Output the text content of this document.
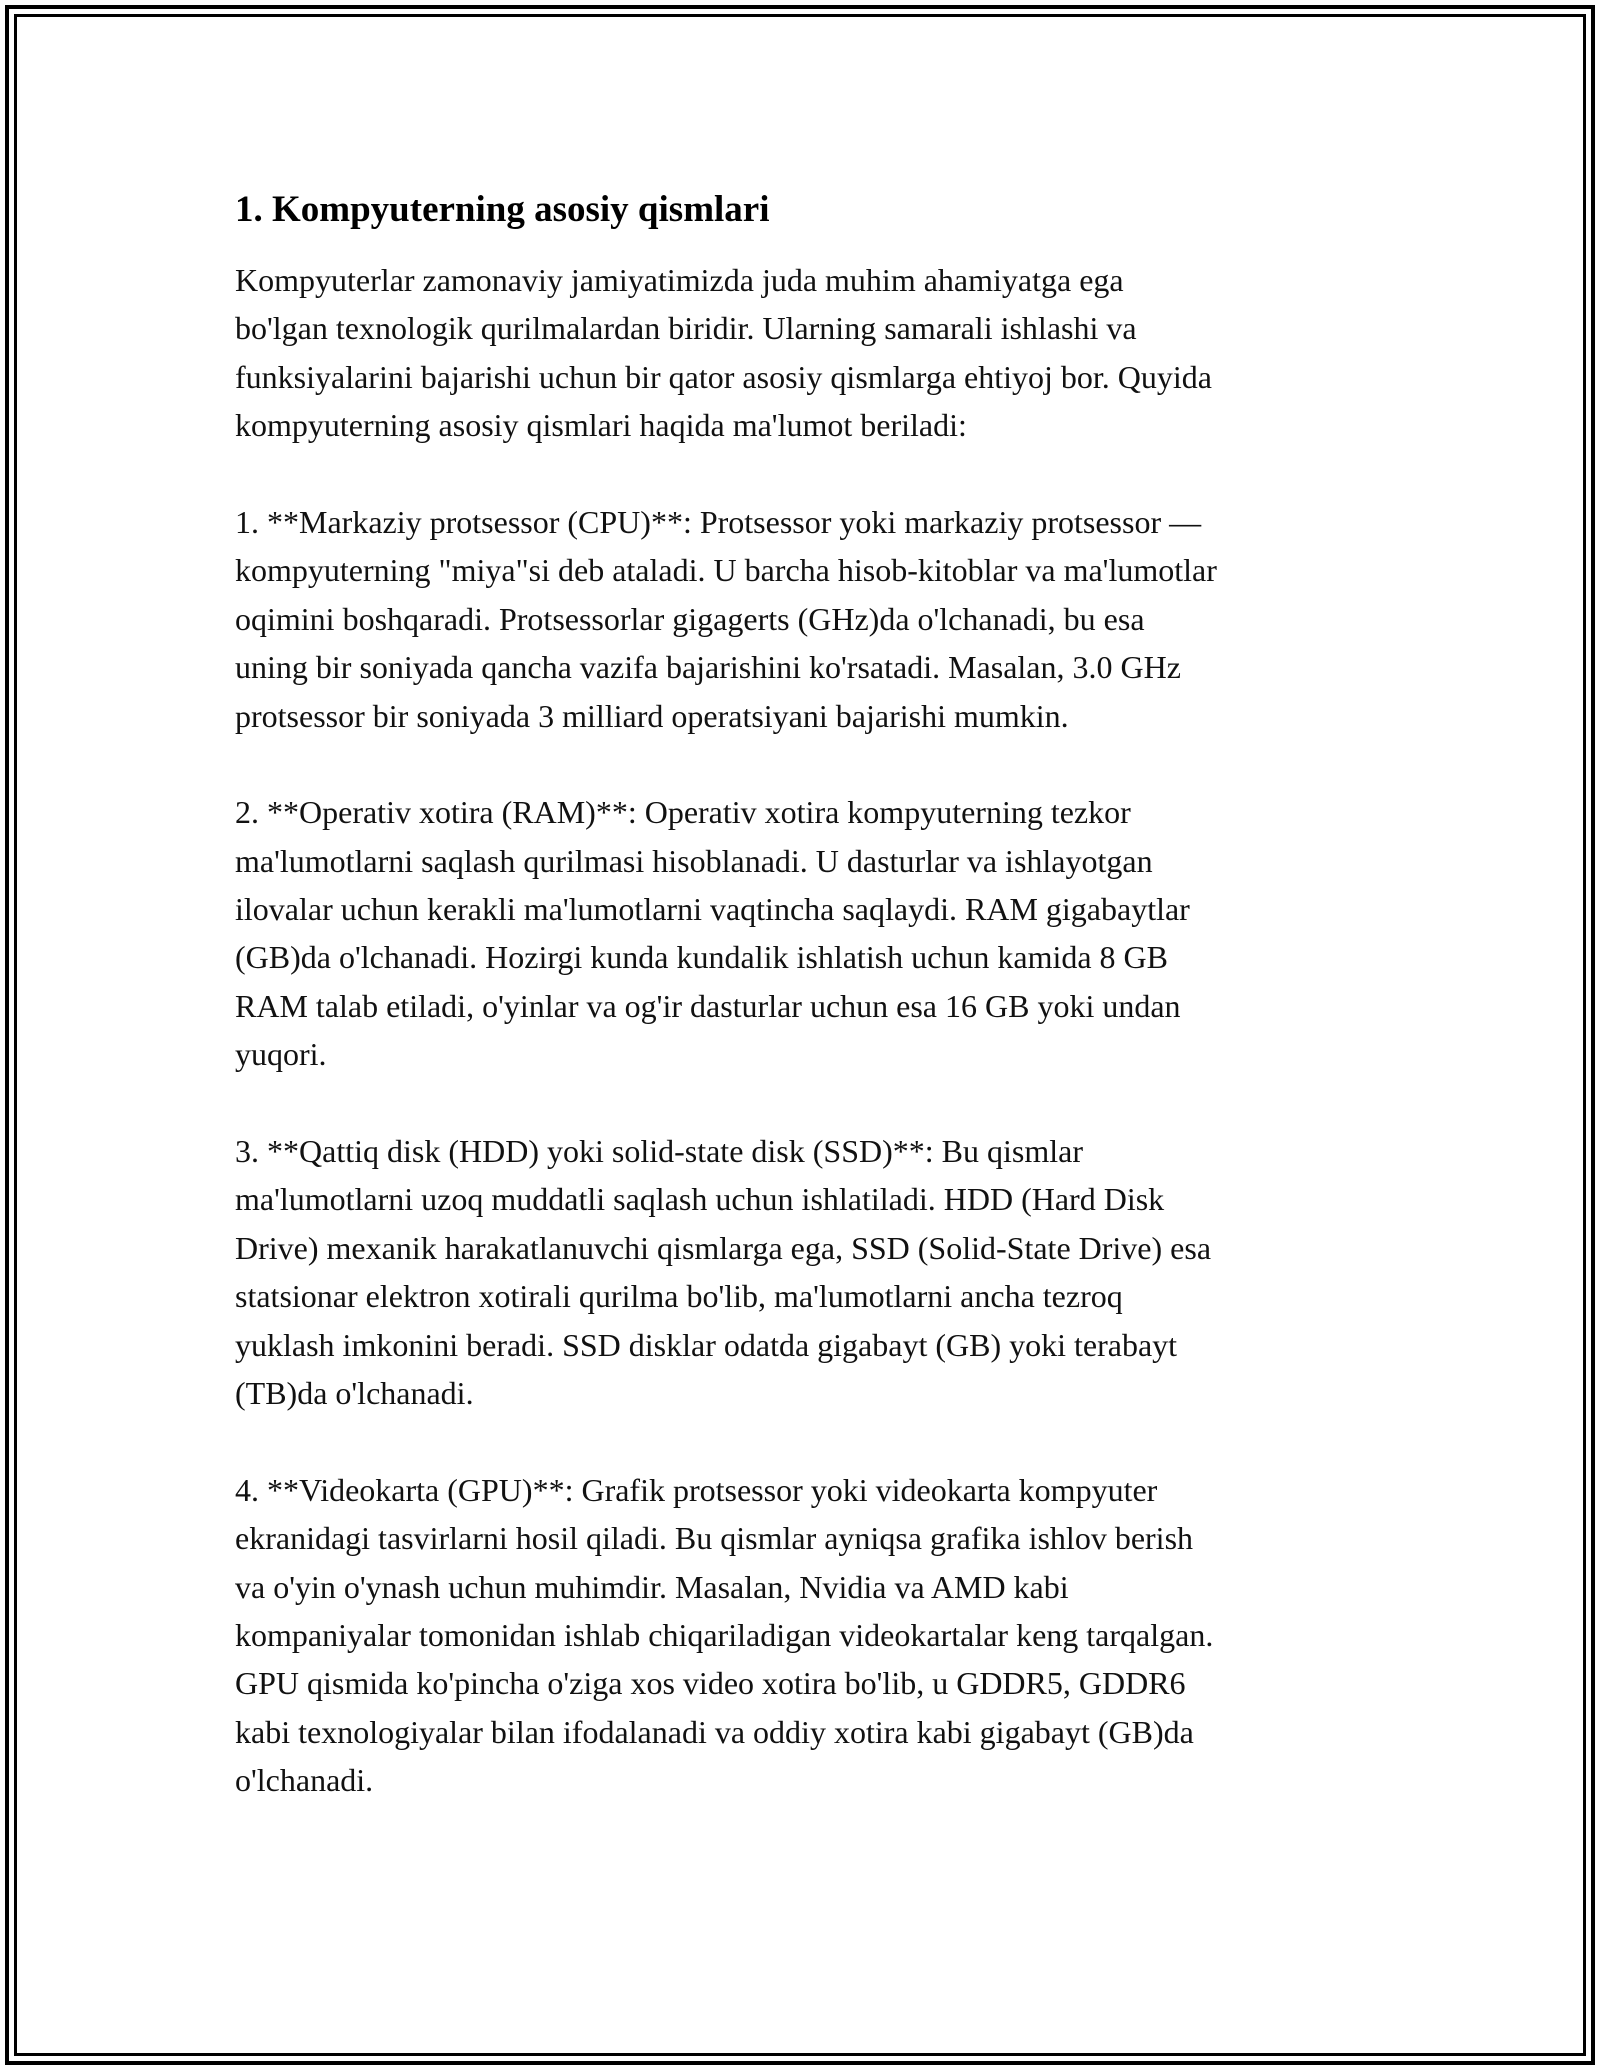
1. Kompyuterning asosiy qismlari
Kompyuterlar zamonaviy jamiyatimizda juda muhim ahamiyatga ega
bo'lgan texnologik qurilmalardan biridir. Ularning samarali ishlashi va
funksiyalarini bajarishi uchun bir qator asosiy qismlarga ehtiyoj bor. Quyida
kompyuterning asosiy qismlari haqida ma'lumot beriladi:
1. **Markaziy protsessor (CPU)**: Protsessor yoki markaziy protsessor —
kompyuterning "miya"si deb ataladi. U barcha hisob-kitoblar va ma'lumotlar
oqimini boshqaradi. Protsessorlar gigagerts (GHz)da o'lchanadi, bu esa
uning bir soniyada qancha vazifa bajarishini ko'rsatadi. Masalan, 3.0 GHz
protsessor bir soniyada 3 milliard operatsiyani bajarishi mumkin.
2. **Operativ xotira (RAM)**: Operativ xotira kompyuterning tezkor
ma'lumotlarni saqlash qurilmasi hisoblanadi. U dasturlar va ishlayotgan
ilovalar uchun kerakli ma'lumotlarni vaqtincha saqlaydi. RAM gigabaytlar
(GB)da o'lchanadi. Hozirgi kunda kundalik ishlatish uchun kamida 8 GB
RAM talab etiladi, o'yinlar va og'ir dasturlar uchun esa 16 GB yoki undan
yuqori.
3. **Qattiq disk (HDD) yoki solid-state disk (SSD)**: Bu qismlar
ma'lumotlarni uzoq muddatli saqlash uchun ishlatiladi. HDD (Hard Disk
Drive) mexanik harakatlanuvchi qismlarga ega, SSD (Solid-State Drive) esa
statsionar elektron xotirali qurilma bo'lib, ma'lumotlarni ancha tezroq
yuklash imkonini beradi. SSD disklar odatda gigabayt (GB) yoki terabayt
(TB)da o'lchanadi.
4. **Videokarta (GPU)**: Grafik protsessor yoki videokarta kompyuter
ekranidagi tasvirlarni hosil qiladi. Bu qismlar ayniqsa grafika ishlov berish
va o'yin o'ynash uchun muhimdir. Masalan, Nvidia va AMD kabi
kompaniyalar tomonidan ishlab chiqariladigan videokartalar keng tarqalgan.
GPU qismida ko'pincha o'ziga xos video xotira bo'lib, u GDDR5, GDDR6
kabi texnologiyalar bilan ifodalanadi va oddiy xotira kabi gigabayt (GB)da
o'lchanadi.
